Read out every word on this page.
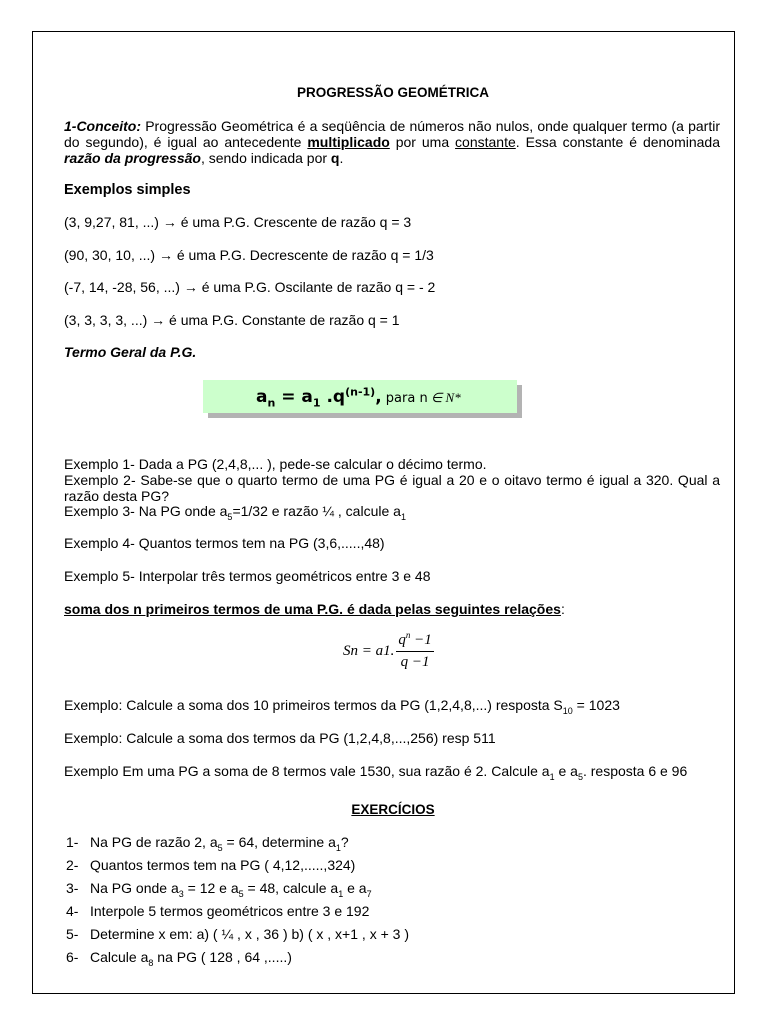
PROGRESSÃO GEOMÉTRICA
1-Conceito: Progressão Geométrica é a seqüência de números não nulos, onde qualquer termo (a partir do segundo), é igual ao antecedente multiplicado por uma constante. Essa constante é denominada razão da progressão, sendo indicada por q.
Exemplos simples
(3, 9,27, 81, ...) → é uma P.G. Crescente de razão q = 3
(90, 30, 10, ...) → é uma P.G. Decrescente de razão q = 1/3
(-7, 14, -28, 56, ...) → é uma P.G. Oscilante de razão q = - 2
(3, 3, 3, 3, ...) → é uma P.G. Constante de razão q = 1
Termo Geral da P.G.
$a_n = a_1$ $.q^{(n-1)}$, para n ∈ N*
Exemplo 1- Dada a PG (2,4,8,... ), pede-se calcular o décimo termo.
Exemplo 2- Sabe-se que o quarto termo de uma PG é igual a 20 e o oitavo termo é igual a 320. Qual a razão desta PG?
Exemplo 3- Na PG onde $a_5=1/32$ e razão ¼ , calcule $a_1$
Exemplo 4- Quantos termos tem na PG (3,6,.....,48)
Exemplo 5- Interpolar três termos geométricos entre 3 e 48
soma dos n primeiros termos de uma P.G. é dada pelas seguintes relações:
Sn = a1. $\frac{q^n -1}{q -1}$
Exemplo: Calcule a soma dos 10 primeiros termos da PG (1,2,4,8,...) resposta $S_{10} = 1023$
Exemplo: Calcule a soma dos termos da PG (1,2,4,8,...,256) resp 511
Exemplo Em uma PG a soma de 8 termos vale 1530, sua razão é 2. Calcule $a_1$ e $a_5$. resposta 6 e 96
EXERCÍCIOS
1- Na PG de razão 2, $a_5 = 64$, determine $a_1$?
2- Quantos termos tem na PG ( 4,12,.....,324)
3- Na PG onde $a_3 = 12$ e $a_5 = 48$, calcule $a_1$ e $a_7$
4- Interpole 5 termos geométricos entre 3 e 192
5- Determine x em: a) ( ¼ , x , 36 ) b) ( x , x+1 , x + 3 )
6- Calcule $a_8$ na PG ( 128 , 64 ,.....)
